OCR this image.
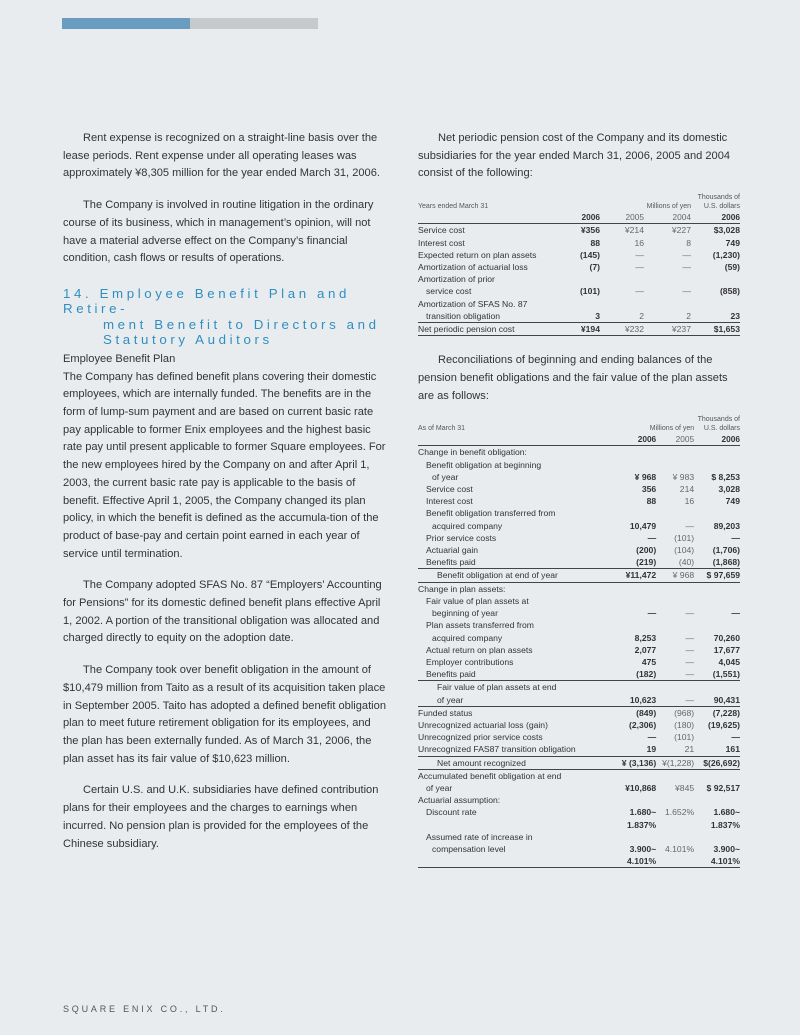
Rent expense is recognized on a straight-line basis over the lease periods. Rent expense under all operating leases was approximately ¥8,305 million for the year ended March 31, 2006.

The Company is involved in routine litigation in the ordinary course of its business, which in management’s opinion, will not have a material adverse effect on the Company’s financial condition, cash flows or results of operations.

14. Employee Benefit Plan and Retire-
ment Benefit to Directors and
Statutory Auditors

Employee Benefit Plan

The Company has defined benefit plans covering their domestic employees, which are internally funded. The benefits are in the form of lump-sum payment and are based on current basic rate pay applicable to former Enix employees and the highest basic rate pay until present applicable to former Square employees. For the new employees hired by the Company on and after April 1, 2003, the current basic rate pay is applicable to the basis of benefit. Effective April 1, 2005, the Company changed its plan policy, in which the benefit is defined as the accumula-tion of the product of base-pay and certain point earned in each year of service until termination.

The Company adopted SFAS No. 87 “Employers’ Accounting for Pensions” for its domestic defined benefit plans effective April 1, 2002. A portion of the transitional obligation was allocated and charged directly to equity on the adoption date.

The Company took over benefit obligation in the amount of $10,479 million from Taito as a result of its acquisition taken place in September 2005. Taito has adopted a defined benefit obligation plan to meet future retirement obligation for its employees, and the plan has been externally funded. As of March 31, 2006, the plan asset has its fair value of $10,623 million.

Certain U.S. and U.K. subsidiaries have defined contribution plans for their employees and the charges to earnings when incurred. No pension plan is provided for the employees of the Chinese subsidiary.

Net periodic pension cost of the Company and its domestic subsidiaries for the year ended March 31, 2006, 2005 and 2004 consist of the following:

				Thousands of
Years ended March 31	Millions of yen			U.S. dollars
	2006	2005	2004	2006
Service cost	¥356	¥214	¥227	$3,028
Interest cost	88	16	8	749
Expected return on plan assets	(145)	—	—	(1,230)
Amortization of actuarial loss	(7)	—	—	(59)
Amortization of prior				
service cost	(101)	—	—	(858)
Amortization of SFAS No. 87				
transition obligation	3	2	2	23
Net periodic pension cost	¥194	¥232	¥237	$1,653

Reconciliations of beginning and ending balances of the pension benefit obligations and the fair value of the plan assets are as follows:

			Thousands of
As of March 31	Millions of yen		U.S. dollars
	2006	2005	2006
Change in benefit obligation:			
Benefit obligation at beginning			
of year	¥ 968	¥ 983	$ 8,253
Service cost	356	214	3,028
Interest cost	88	16	749
Benefit obligation transferred from			
acquired company	10,479	—	89,203
Prior service costs	—	(101)	—
Actuarial gain	(200)	(104)	(1,706)
Benefits paid	(219)	(40)	(1,868)
Benefit obligation at end of year	¥11,472	¥ 968	$ 97,659
Change in plan assets:			
Fair value of plan assets at			
beginning of year	—	—	—
Plan assets transferred from			
acquired company	8,253	—	70,260
Actual return on plan assets	2,077	—	17,677
Employer contributions	475	—	4,045
Benefits paid	(182)	—	(1,551)
Fair value of plan assets at end			
of year	10,623	—	90,431
Funded status	(849)	(968)	(7,228)
Unrecognized actuarial loss (gain)	(2,306)	(180)	(19,625)
Unrecognized prior service costs	—	(101)	—
Unrecognized FAS87 transition obligation	19	21	161
Net amount recognized	¥ (3,136)	¥(1,228)	$(26,692)
Accumulated benefit obligation at end			
of year	¥10,868	¥845	$ 92,517
Actuarial assumption:			
Discount rate	1.680~	1.652%	1.680~
	1.837%		1.837%
Assumed rate of increase in			
compensation level	3.900~	4.101%	3.900~
	4.101%		4.101%
SQUARE ENIX CO., LTD.
